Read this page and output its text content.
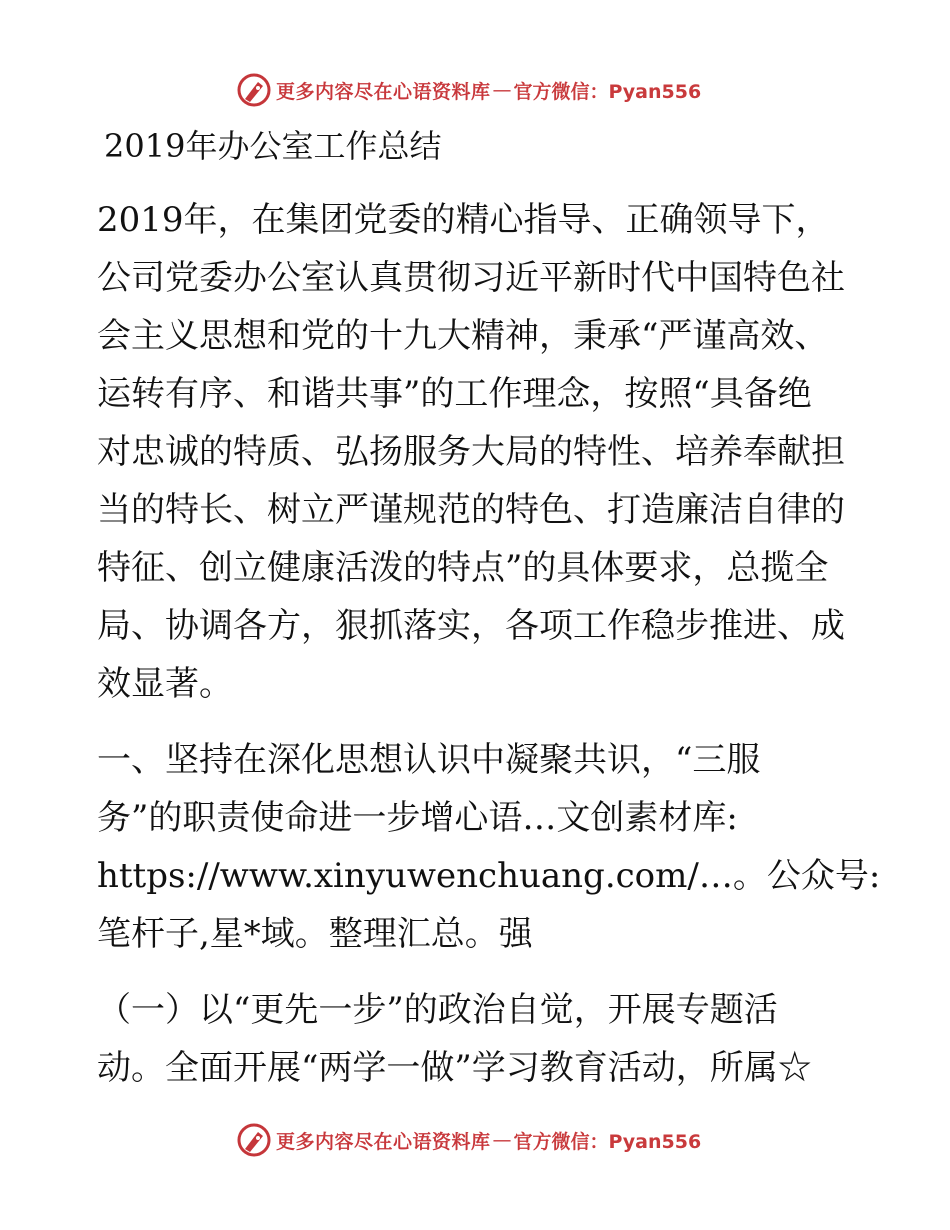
更多内容尽在心语资料库 — 官方微信：Pyan556
2019年办公室工作总结
2019年，在集团党委的精心指导、正确领导下，
公司党委办公室认真贯彻习近平新时代中国特色社
会主义思想和党的十九大精神，秉承“严谨高效、
运转有序、和谐共事”的工作理念，按照“具备绝
对忠诚的特质、弘扬服务大局的特性、培养奉献担
当的特长、树立严谨规范的特色、打造廉洁自律的
特征、创立健康活泼的特点”的具体要求，总揽全
局、协调各方，狠抓落实，各项工作稳步推进、成
效显著。
一、坚持在深化思想认识中凝聚共识，“三服
务”的职责使命进一步增心语…文创素材库:
https://www.xinyuwenchuang.com/…。公众号:
笔杆子,星*域。整理汇总。强
（一）以“更先一步”的政治自觉，开展专题活
动。全面开展“两学一做”学习教育活动，所属☆
更多内容尽在心语资料库 — 官方微信：Pyan556
